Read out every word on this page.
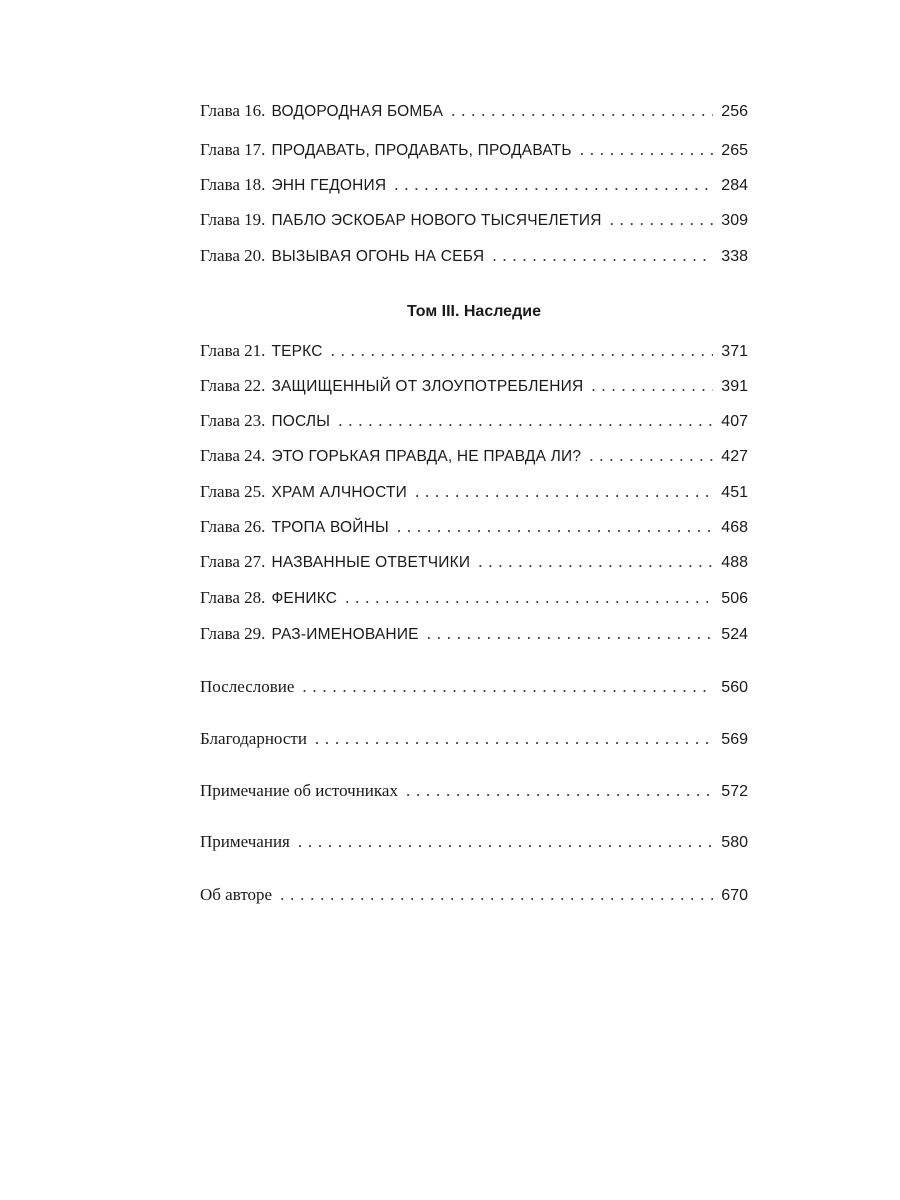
Глава 16. ВОДОРОДНАЯ БОМБА . . .	256
Глава 17. ПРОДАВАТЬ, ПРОДАВАТЬ, ПРОДАВАТЬ . . .	265
Глава 18. ЭНН ГЕДОНИЯ . . .	284
Глава 19. ПАБЛО ЭСКОБАР НОВОГО ТЫСЯЧЕЛЕТИЯ . . .	309
Глава 20. ВЫЗЫВАЯ ОГОНЬ НА СЕБЯ . . .	338
Том III. Наследие
Глава 21. ТЕРКС . . .	371
Глава 22. ЗАЩИЩЕННЫЙ ОТ ЗЛОУПОТРЕБЛЕНИЯ . . .	391
Глава 23. ПОСЛЫ . . .	407
Глава 24. ЭТО ГОРЬКАЯ ПРАВДА, НЕ ПРАВДА ЛИ? . . .	427
Глава 25. ХРАМ АЛЧНОСТИ . . .	451
Глава 26. ТРОПА ВОЙНЫ . . .	468
Глава 27. НАЗВАННЫЕ ОТВЕТЧИКИ . . .	488
Глава 28. ФЕНИКС . . .	506
Глава 29. РАЗ-ИМЕНОВАНИЕ . . .	524
Послесловие . . .	560
Благодарности . . .	569
Примечание об источниках . . .	572
Примечания . . .	580
Об авторе . . .	670
